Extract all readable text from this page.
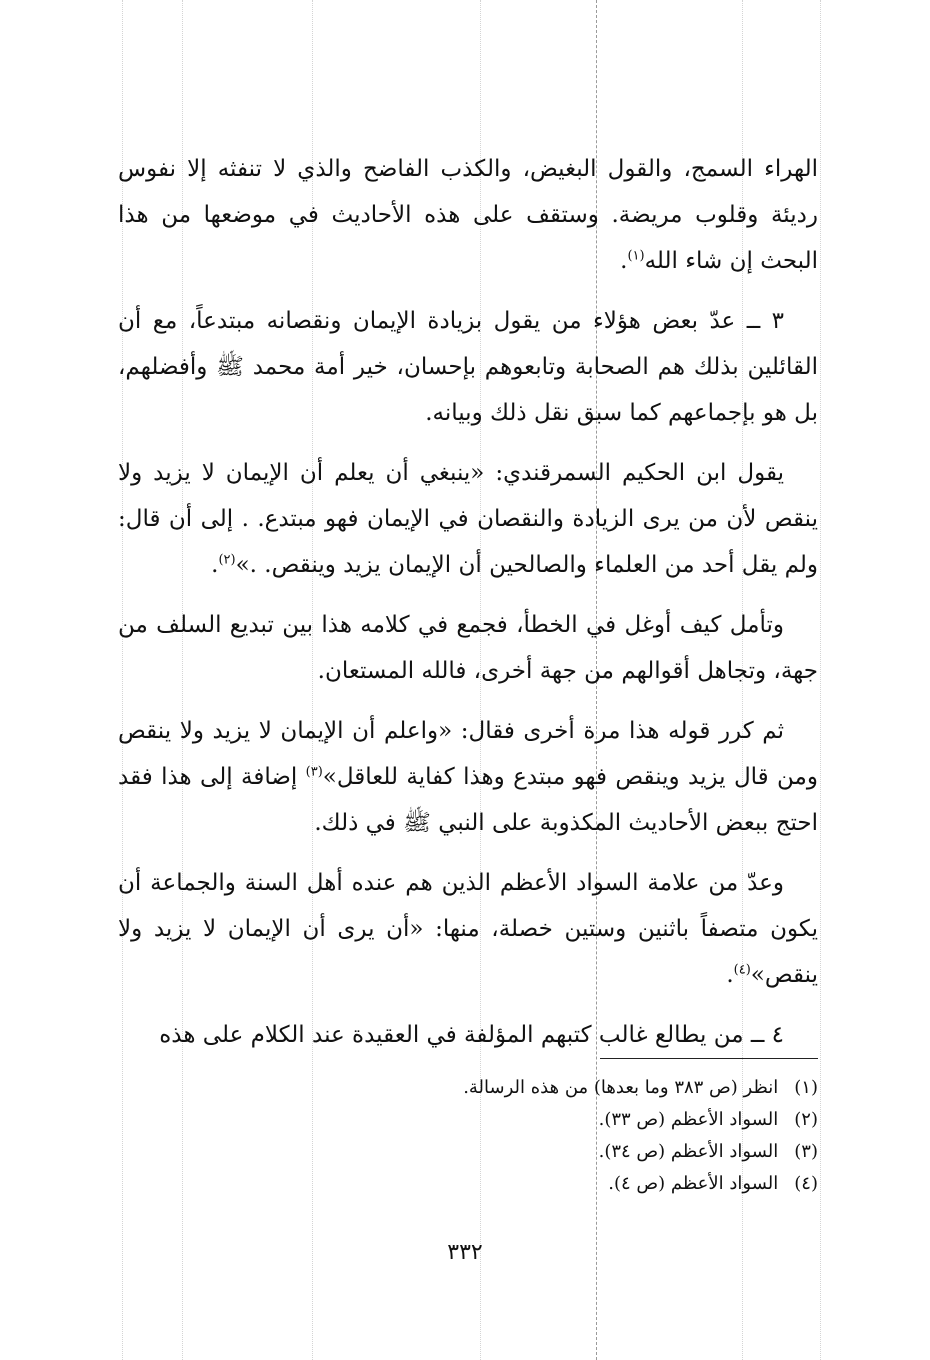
الهراء السمج، والقول البغيض، والكذب الفاضح والذي لا تنفثه إلا نفوس ردیئة وقلوب مريضة. وستقف على هذه الأحاديث في موضعها من هذا البحث إن شاء الله$^{(١)}$.

٣ ــ عدّ بعض هؤلاء من يقول بزيادة الإيمان ونقصانه مبتدعاً، مع أن القائلين بذلك هم الصحابة وتابعوهم بإحسان، خير أمة محمد ﷺ وأفضلهم، بل هو بإجماعهم كما سبق نقل ذلك وبيانه.

يقول ابن الحكيم السمرقندي: «ينبغي أن يعلم أن الإيمان لا يزيد ولا ينقص لأن من يرى الزيادة والنقصان في الإيمان فهو مبتدع. . إلى أن قال: ولم يقل أحد من العلماء والصالحين أن الإيمان يزيد وينقص. .»$^{(٢)}$.

وتأمل كيف أوغل في الخطأ، فجمع في كلامه هذا بين تبديع السلف من جهة، وتجاهل أقوالهم من جهة أخرى، فالله المستعان.

ثم كرر قوله هذا مرة أخرى فقال: «واعلم أن الإيمان لا يزيد ولا ينقص ومن قال يزيد وينقص فهو مبتدع وهذا كفاية للعاقل»$^{(٣)}$ إضافة إلى هذا فقد احتج ببعض الأحاديث المكذوبة على النبي ﷺ في ذلك.

وعدّ من علامة السواد الأعظم الذين هم عنده أهل السنة والجماعة أن يكون متصفاً باثنين وستين خصلة، منها: «أن يرى أن الإيمان لا يزيد ولا ينقص»$^{(٤)}$.

٤ ــ من يطالع غالب كتبهم المؤلفة في العقيدة عند الكلام على هذه

(١)انظر (ص ٣٨٣ وما بعدها) من هذه الرسالة.
(٢)السواد الأعظم (ص ٣٣).
(٣)السواد الأعظم (ص ٣٤).
(٤)السواد الأعظم (ص ٤).
٣٣٢
